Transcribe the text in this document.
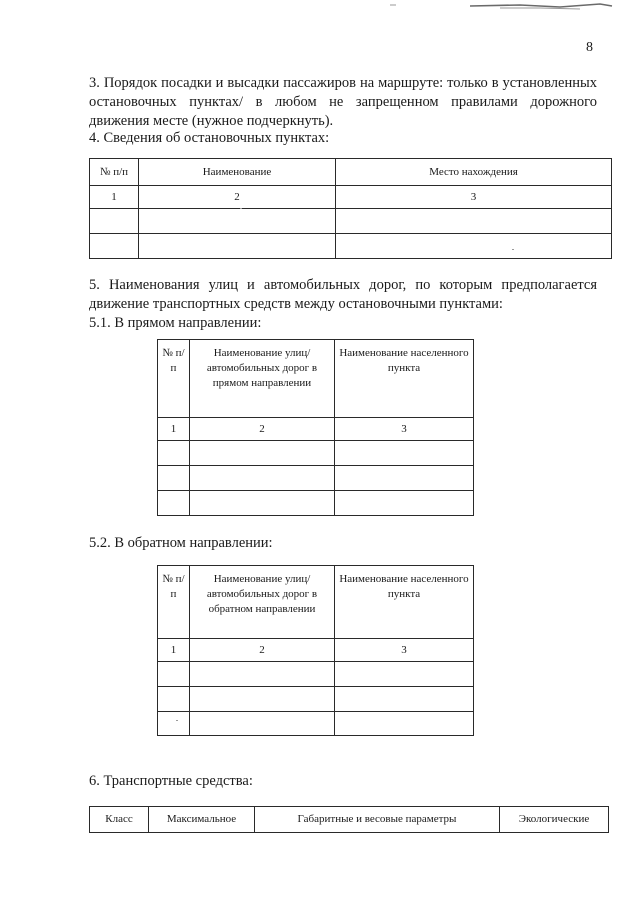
8

3. Порядок посадки и высадки пассажиров на маршруте: только в установленных остановочных пунктах/ в любом не запрещенном правилами дорожного движения месте (нужное подчеркнуть).

4. Сведения об остановочных пунктах:

№ п/п	Наименование	Место нахождения
1	2	3

5. Наименования улиц и автомобильных дорог, по которым предполагается движение транспортных средств между остановочными пунктами:

5.1. В прямом направлении:

№ п/п	Наименование улиц/автомобильных дорог в прямом направлении	Наименование населенного пункта
1	2	3

5.2. В обратном направлении:

№ п/п	Наименование улиц/автомобильных дорог в обратном направлении	Наименование населенного пункта
1	2	3

6. Транспортные средства:

Класс	Максимальное	Габаритные и весовые параметры	Экологические
